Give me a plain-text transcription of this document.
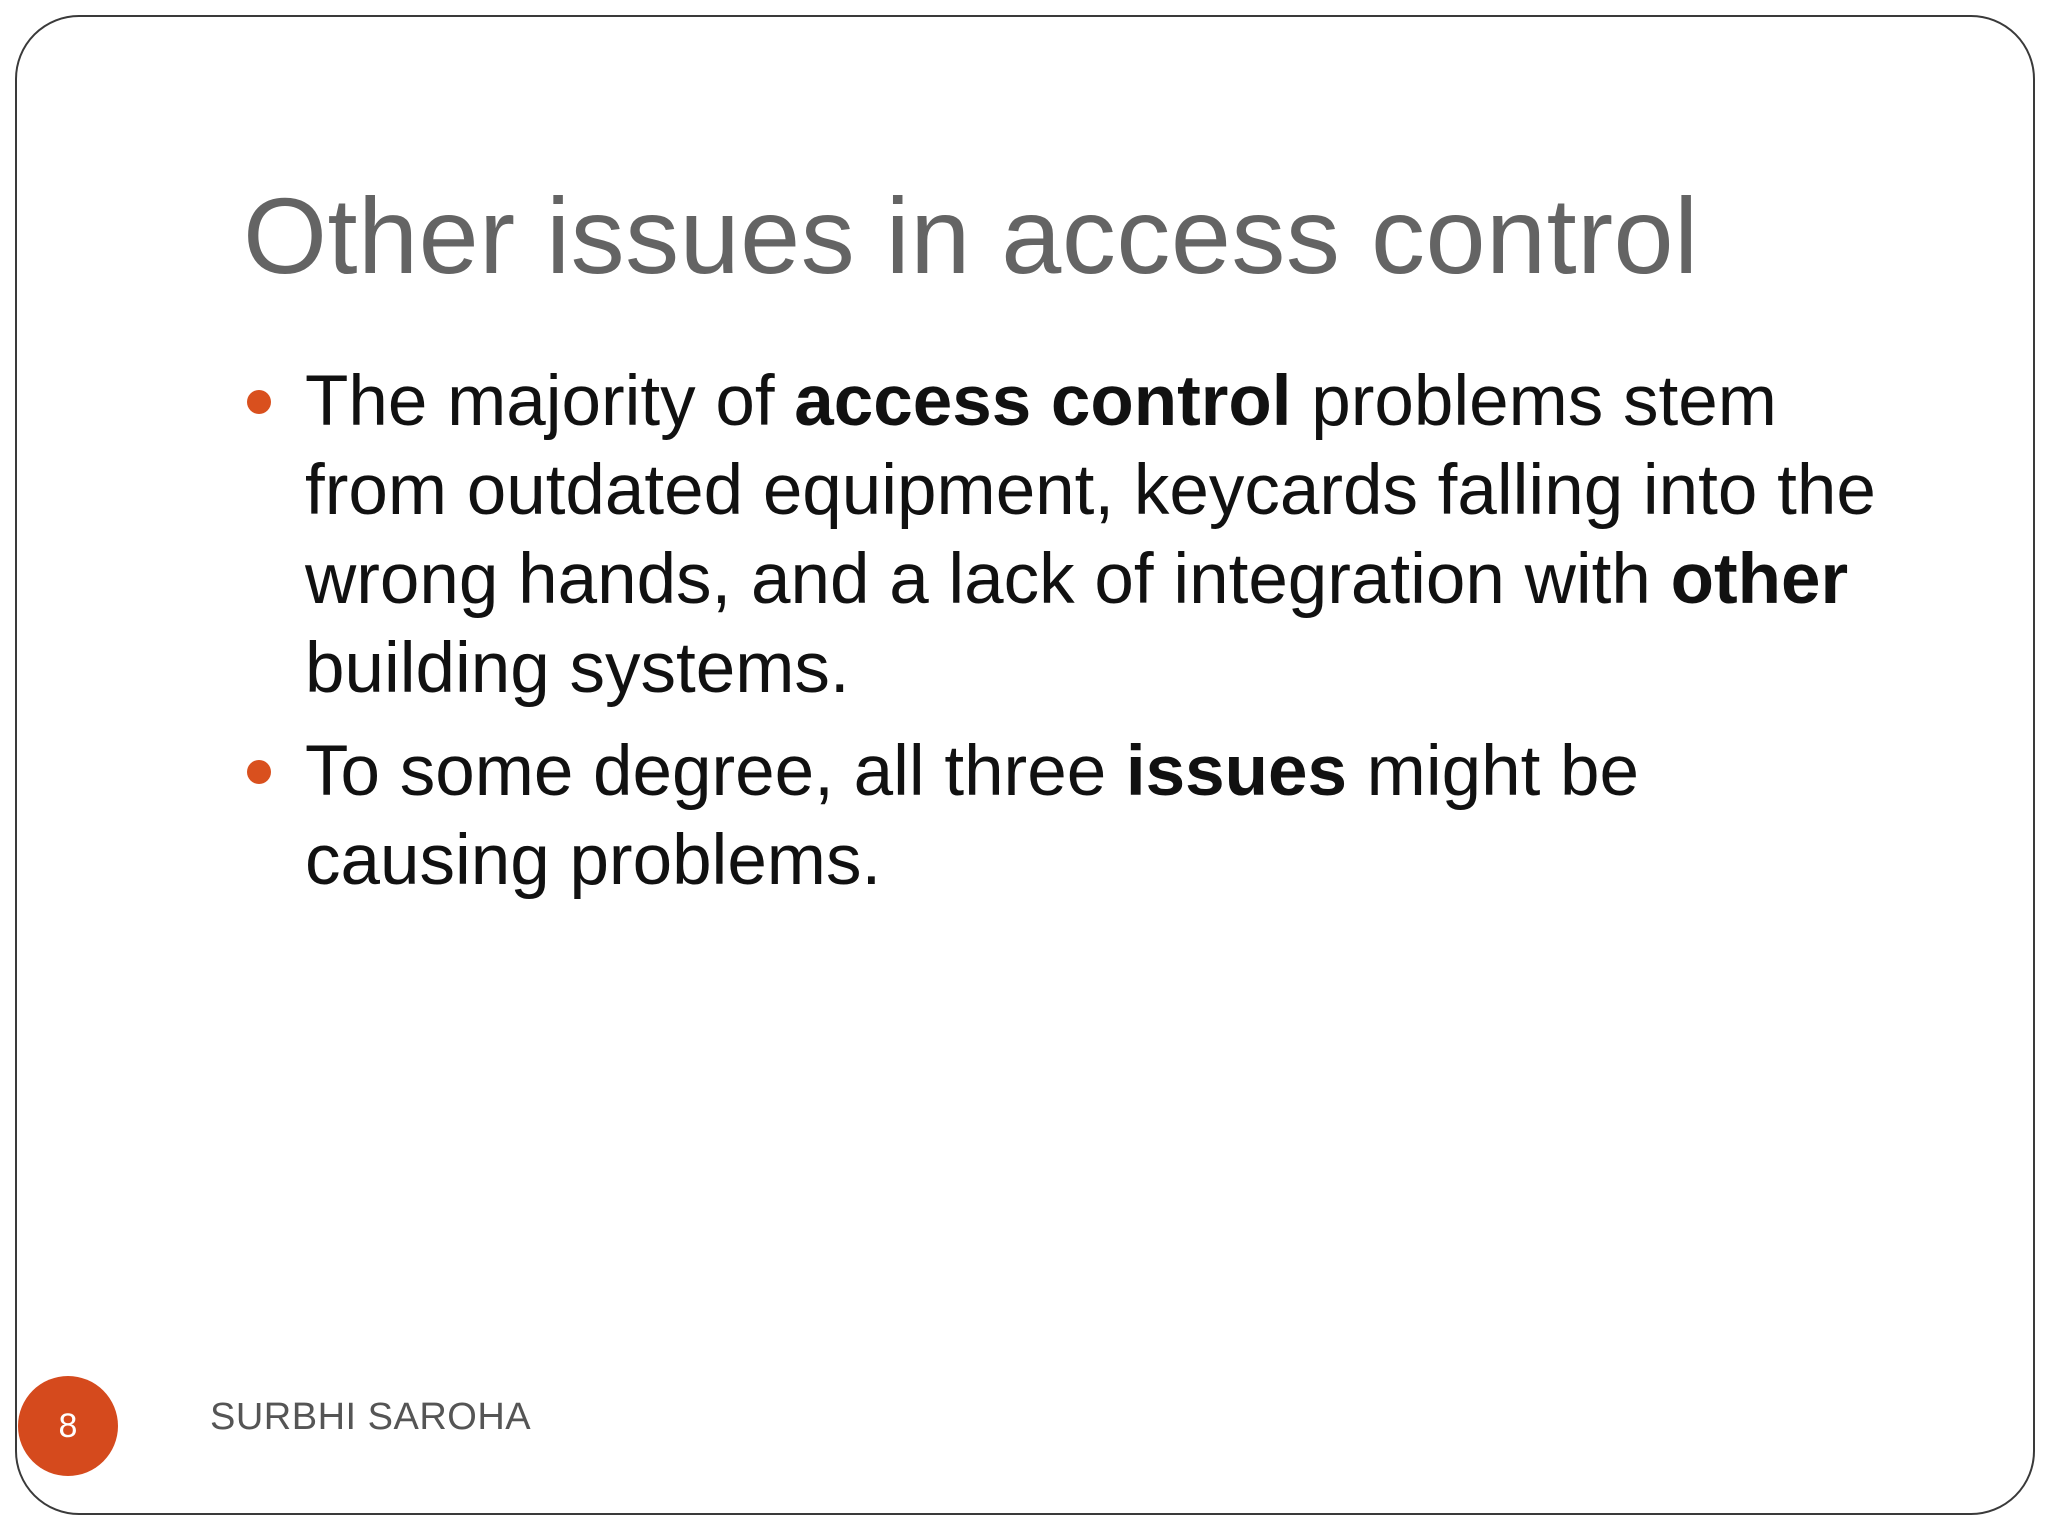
Other issues in access control
The majority of access control problems stem from outdated equipment, keycards falling into the wrong hands, and a lack of integration with other building systems.
To some degree, all three issues might be causing problems.
8	SURBHI SAROHA
